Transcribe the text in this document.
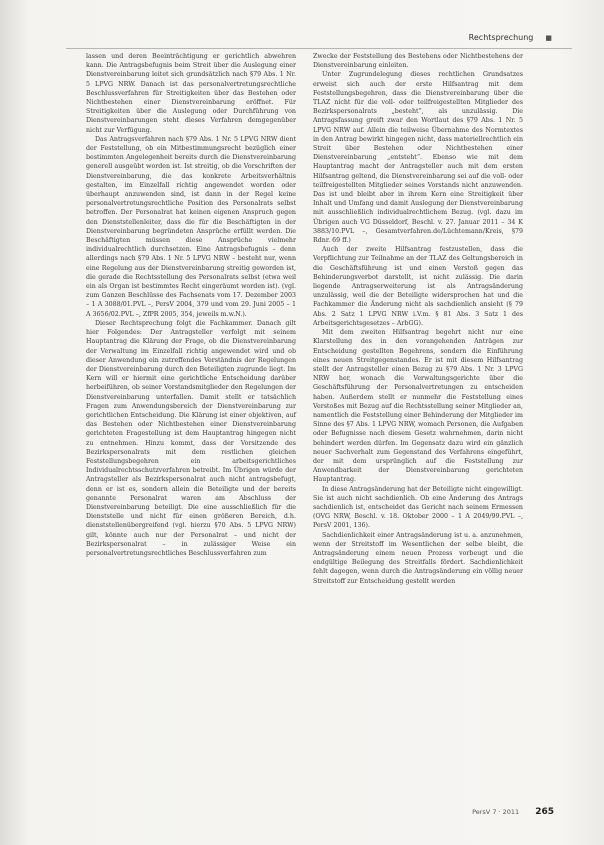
Rechtsprechung ■

lassen und deren Beeinträchtigung er gerichtlich abwehren kann. Die Antragsbefugnis beim Streit über die Auslegung einer Dienstvereinbarung leitet sich grundsätzlich nach §79 Abs. 1 Nr. 5 LPVG NRW. Danach ist das personalvertretungsrechtliche Beschlussverfahren für Streitigkeiten über das Bestehen oder Nichtbestehen einer Dienstvereinbarung eröffnet. Für Streitigkeiten über die Auslegung oder Durchführung von Dienstvereinbarungen steht dieses Verfahren demgegenüber nicht zur Verfügung.

Das Antragsverfahren nach §79 Abs. 1 Nr. 5 LPVG NRW dient der Feststellung, ob ein Mitbestimmungsrecht bezüglich einer bestimmten Angelegenheit bereits durch die Dienstvereinbarung generell ausgeübt worden ist. Ist streitig, ob die Vorschriften der Dienstvereinbarung, die das konkrete Arbeitsverhältnis gestalten, im Einzelfall richtig angewendet worden oder überhaupt anzuwenden sind, ist dann in der Regel keine personalvertretungsrechtliche Position des Personalrats selbst betroffen. Der Personalrat hat keinen eigenen Anspruch gegen den Dienststellenleiter, dass die für die Beschäftigten in der Dienstvereinbarung begründeten Ansprüche erfüllt werden. Die Beschäftigten müssen diese Ansprüche vielmehr individualrechtlich durchsetzen. Eine Antragsbefugnis – denn allerdings nach §79 Abs. 1 Nr. 5 LPVG NRW – besteht nur, wenn eine Regelung aus der Dienstvereinbarung streitig geworden ist, die gerade die Rechtsstellung des Personalrats selbst (etwa weil ein als Organ ist bestimmtes Recht eingeräumt worden ist). (vgl. zum Ganzen Beschlüsse des Fachsenats vom 17. Dezember 2003 – 1 A 3088/01.PVL –, PersV 2004, 379 und vom 29. Juni 2005 – 1 A 3656/02.PVL –, ZfPR 2005, 354, jeweils m.w.N.).

Dieser Rechtsprechung folgt die Fachkammer. Danach gilt hier Folgendes: Der Antragsteller verfolgt mit seinem Hauptantrag die Klärung der Frage, ob die Dienstvereinbarung der Verwaltung im Einzelfall richtig angewendet wird und ob dieser Anwendung ein zutreffendes Verständnis der Regelungen der Dienstvereinbarung durch den Beteiligten zugrunde liegt. Im Kern will er hiermit eine gerichtliche Entscheidung darüber herbeiführen, ob seiner Vorstandsmitglieder den Regelungen der Dienstvereinbarung unterfallen. Damit stellt er tatsächlich Fragen zum Anwendungsbereich der Dienstvereinbarung zur gerichtlichen Entscheidung. Die Klärung ist einer objektiven, auf das Bestehen oder Nichtbestehen einer Dienstvereinbarung gerichteten Fragestellung ist dem Hauptantrag hingegen nicht zu entnehmen. Hinzu kommt, dass der Vorsitzende des Bezirkspersonalrats mit dem restlichen gleichen Feststellungsbegehren ein arbeitsgerichtliches Individualrechtsschutzverfahren betreibt. Im Übrigen würde der Antragsteller als Bezirkspersonalrat auch nicht antragsbefugt, denn er ist es, sondern allein die Beteiligte und der bereits genannte Personalrat waren am Abschluss der Dienstvereinbarung beteiligt. Die eine ausschließlich für die Dienststelle und nicht für einen größeren Bereich, d.h. dienststellenübergreifend (vgl. hierzu §70 Abs. 5 LPVG NRW) gilt, könnte auch nur der Personalrat – und nicht der Bezirkspersonalrat – in zulässiger Weise ein personalvertretungsrechtliches Beschlussverfahren zum

Zwecke der Feststellung des Bestehens oder Nichtbestehens der Dienstvereinbarung einleiten.

Unter Zugrundelegung dieses rechtlichen Grundsatzes erweist sich auch der erste Hilfsantrag mit dem Feststellungsbegehren, dass die Dienstvereinbarung über die TLAZ nicht für die voll- oder teilfreigestellten Mitglieder des Bezirkspersonalrats „besteht“, als unzulässig. Die Antragsfassung greift zwar den Wortlaut des §79 Abs. 1 Nr. 5 LPVG NRW auf. Allein die teilweise Übernahme des Normtextes in den Antrag bewirkt hingegen nicht, dass materiellrechtlich ein Streit über Bestehen oder Nichtbestehen einer Dienstvereinbarung „entsteht“. Ebenso wie mit dem Hauptantrag macht der Antragsteller auch mit dem ersten Hilfsantrag geltend, die Dienstvereinbarung sei auf die voll- oder teilfreigestellten Mitglieder seines Vorstands nicht anzuwenden. Das ist und bleibt aber in ihrem Kern eine Streitigkeit über Inhalt und Umfang und damit Auslegung der Dienstvereinbarung mit ausschließlich individualrechtlichem Bezug. (vgl. dazu im Übrigen auch VG Düsseldorf, Beschl. v. 27. Januar 2011 – 34 K 3883/10.PVL –, Gesamtverfahren.de/Lüchtemann/Kreis, §79 Rdnr. 69 ff.)

Auch der zweite Hilfsantrag festzustellen, dass die Verpflichtung zur Teilnahme an der TLAZ des Geltungsbereich in die Geschäftsführung ist und einen Verstoß gegen das Behinderungsverbot darstellt, ist nicht zulässig. Die darin liegende Antragserweiterung ist als Antragsänderung unzulässig, weil die der Beteiligte widersprochen hat und die Fachkammer die Änderung nicht als sachdienlich ansieht (§ 79 Abs. 2 Satz 1 LPVG NRW i.V.m. § 81 Abs. 3 Satz 1 des Arbeitsgerichtsgesetzes – ArbGG).

Mit dem zweiten Hilfsantrag begehrt nicht nur eine Klarstellung des in den vorangehenden Anträgen zur Entscheidung gestellten Begehrens, sondern die Einführung eines neuen Streitgegenstandes. Er ist mit diesem Hilfsantrag stellt der Antragsteller einen Bezug zu §79 Abs. 1 Nr. 3 LPVG NRW her, wonach die Verwaltungsgerichte über die Geschäftsführung der Personalvertretungen zu entscheiden haben. Außerdem stellt er nunmehr die Feststellung eines Verstoßes mit Bezug auf die Rechtsstellung seiner Mitglieder an, namentlich die Feststellung einer Behinderung der Mitglieder im Sinne des §7 Abs. 1 LPVG NRW, womach Personen, die Aufgaben oder Befugnisse nach diesem Gesetz wahrnehmen, darin nicht behindert werden dürfen. Im Gegensatz dazu wird ein gänzlich neuer Sachverhalt zum Gegenstand des Verfahrens eingeführt, der mit dem ursprünglich auf die Feststellung zur Anwendbarkeit der Dienstvereinbarung gerichteten Hauptantrag.

In diese Antragsänderung hat der Beteiligte nicht eingewilligt. Sie ist auch nicht sachdienlich. Ob eine Änderung des Antrags sachdienlich ist, entscheidet das Gericht nach seinem Ermessen (OVG NRW, Beschl. v. 18. Oktober 2000 – 1 A 2049/99.PVL –, PersV 2001, 136).

Sachdienlichkeit einer Antragsänderung ist u. a. anzunehmen, wenn der Streitstoff im Wesentlichen der selbe bleibt, die Antragsänderung einem neuen Prozess vorbeugt und die endgültige Beilegung des Streitfalls fördert. Sachdienlichkeit fehlt dagegen, wenn durch die Antragsänderung ein völlig neuer Streitstoff zur Entscheidung gestellt werden

PersV 7 · 2011 265
